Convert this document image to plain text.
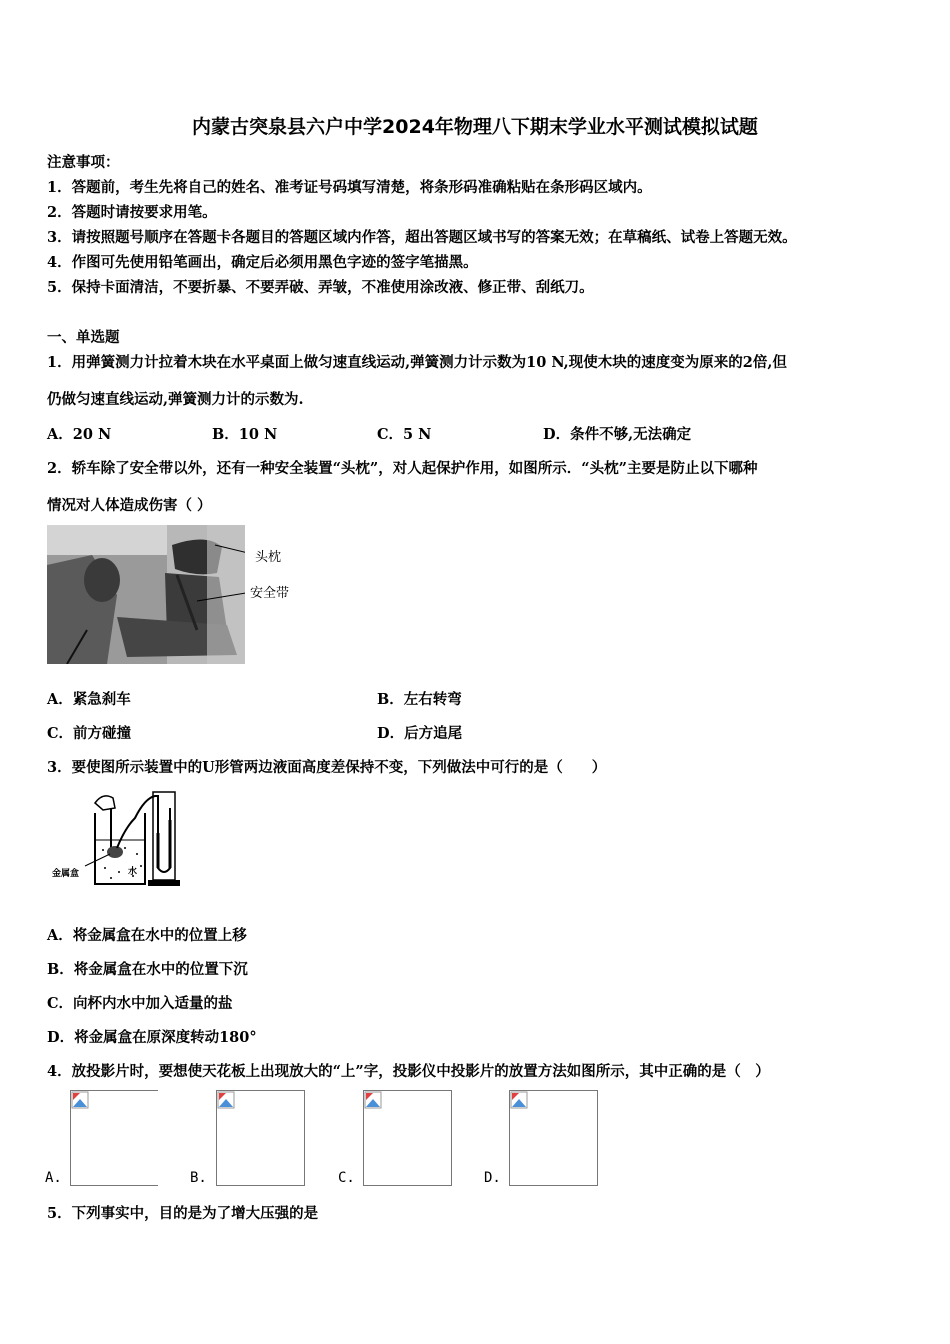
内蒙古突泉县六户中学2024年物理八下期末学业水平测试模拟试题
注意事项：
1．答题前，考生先将自己的姓名、准考证号码填写清楚，将条形码准确粘贴在条形码区域内。
2．答题时请按要求用笔。
3．请按照题号顺序在答题卡各题目的答题区域内作答，超出答题区域书写的答案无效；在草稿纸、试卷上答题无效。
4．作图可先使用铅笔画出，确定后必须用黑色字迹的签字笔描黑。
5．保持卡面清洁，不要折暴、不要弄破、弄皱，不准使用涂改液、修正带、刮纸刀。
一、单选题
1．用弹簧测力计拉着木块在水平桌面上做匀速直线运动,弹簧测力计示数为10 N,现使木块的速度变为原来的2倍,但
仍做匀速直线运动,弹簧测力计的示数为.
A．20 N	B．10 N	C．5 N	D．条件不够,无法确定
2．轿车除了安全带以外，还有一种安全装置“头枕”，对人起保护作用，如图所示．“头枕”主要是防止以下哪种
情况对人体造成伤害（ ）
头枕
安全带
A．紧急刹车	B．左右转弯
C．前方碰撞	D．后方追尾
3．要使图所示装置中的U形管两边液面高度差保持不变，下列做法中可行的是（　　）
金属盒	水
A．将金属盒在水中的位置上移
B．将金属盒在水中的位置下沉
C．向杯内水中加入适量的盐
D．将金属盒在原深度转动180°
4．放投影片时，要想使天花板上出现放大的“上”字，投影仪中投影片的放置方法如图所示，其中正确的是（　）
A.	B.	C.	D.
5．下列事实中，目的是为了增大压强的是
